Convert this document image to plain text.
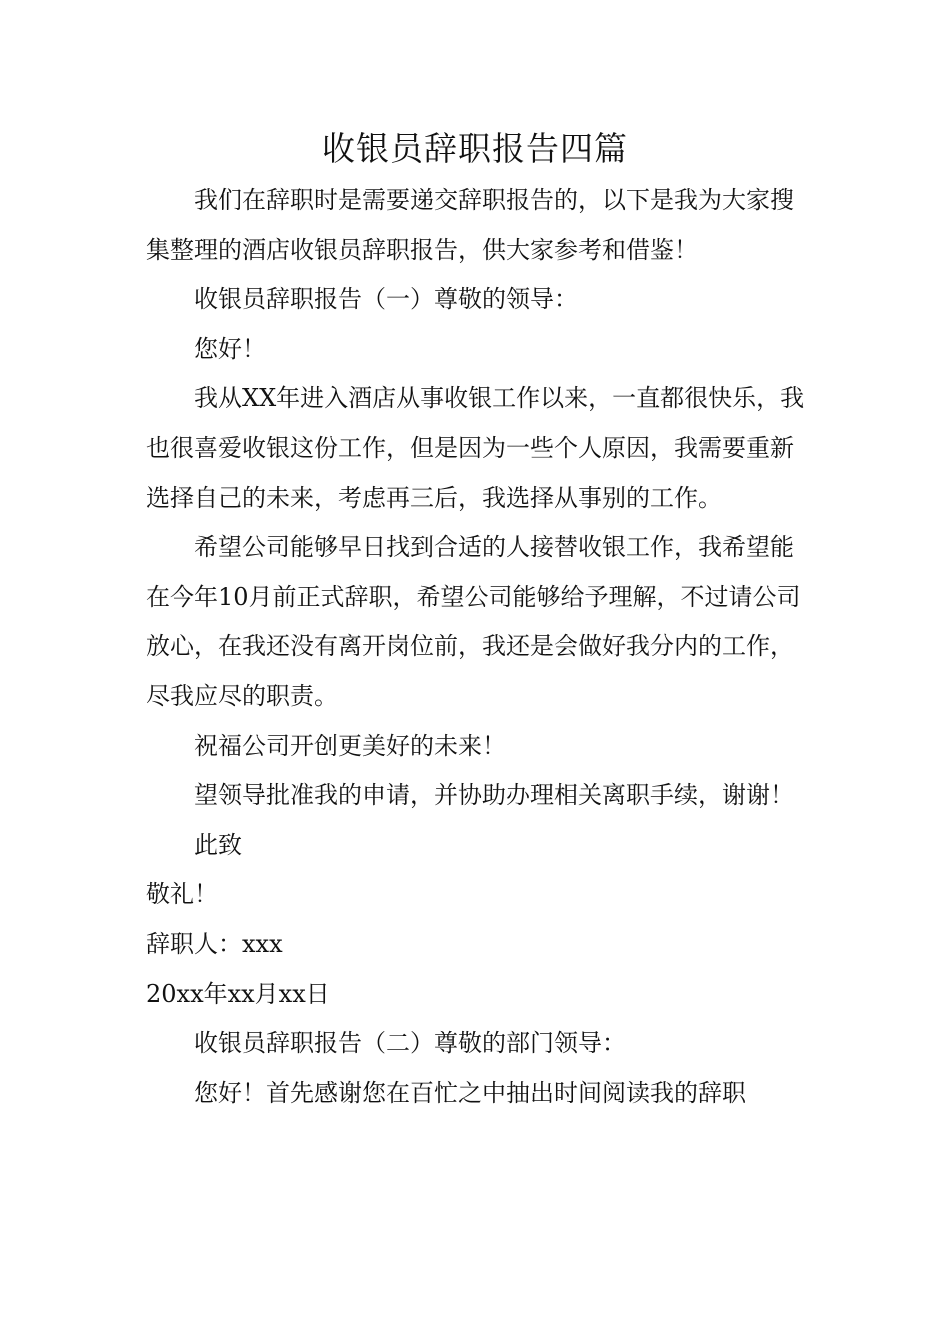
收银员辞职报告四篇

我们在辞职时是需要递交辞职报告的，以下是我为大家搜集整理的酒店收银员辞职报告，供大家参考和借鉴！

收银员辞职报告（一）尊敬的领导：

您好！

我从XX年进入酒店从事收银工作以来，一直都很快乐，我也很喜爱收银这份工作，但是因为一些个人原因，我需要重新选择自己的未来，考虑再三后，我选择从事别的工作。

希望公司能够早日找到合适的人接替收银工作，我希望能在今年10月前正式辞职，希望公司能够给予理解，不过请公司放心，在我还没有离开岗位前，我还是会做好我分内的工作，尽我应尽的职责。

祝福公司开创更美好的未来！

望领导批准我的申请，并协助办理相关离职手续，谢谢！

此致

敬礼！

辞职人：xxx

20xx年xx月xx日

收银员辞职报告（二）尊敬的部门领导：

您好！首先感谢您在百忙之中抽出时间阅读我的辞职
